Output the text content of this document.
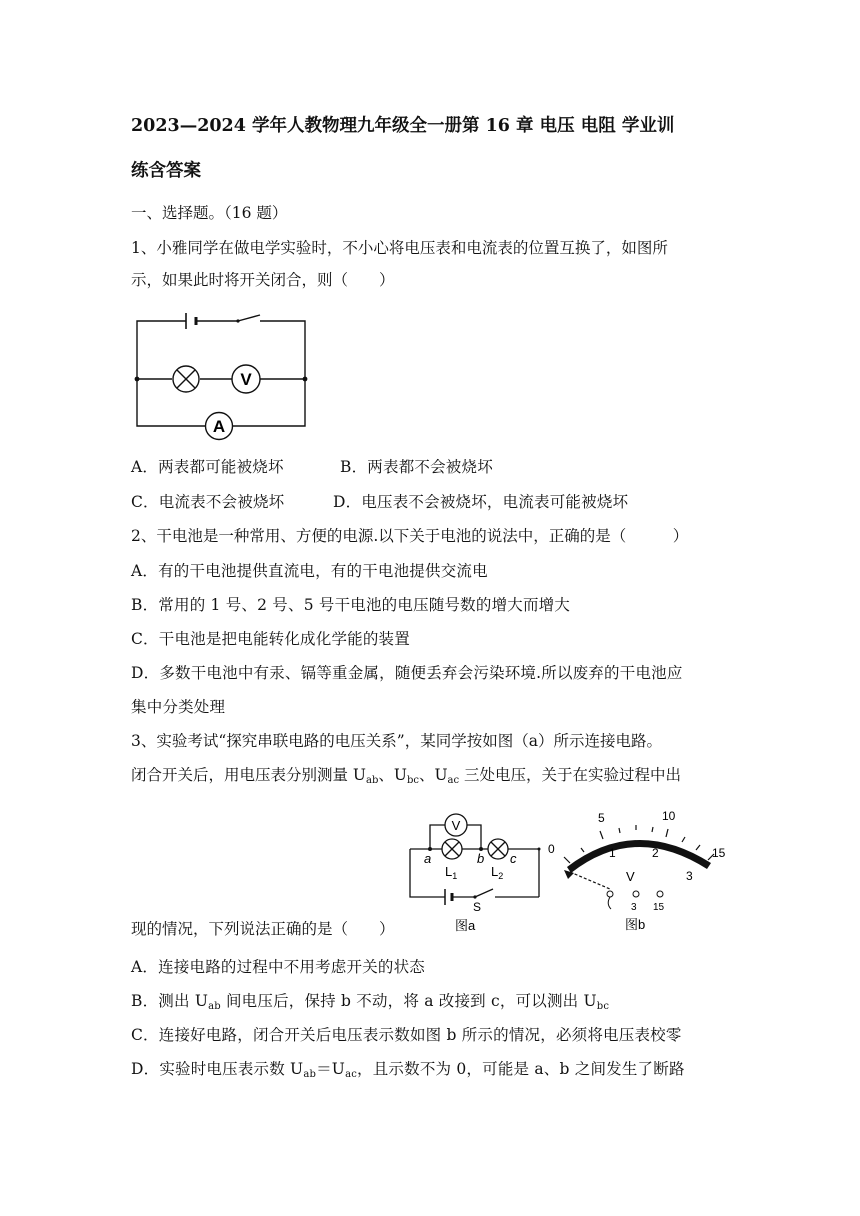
2023—2024 学年人教物理九年级全一册第 16 章 电压 电阻 学业训
练含答案
一、选择题。（16 题）
1、小雅同学在做电学实验时，不小心将电压表和电流表的位置互换了，如图所
示，如果此时将开关闭合，则（　　）
V
A
A．两表都可能被烧坏	B．两表都不会被烧坏
C．电流表不会被烧坏	D．电压表不会被烧坏，电流表可能被烧坏
2、干电池是一种常用、方便的电源.以下关于电池的说法中，正确的是（　　　）
A．有的干电池提供直流电，有的干电池提供交流电
B．常用的 1 号、2 号、5 号干电池的电压随号数的增大而增大
C．干电池是把电能转化成化学能的装置
D．多数干电池中有汞、镉等重金属，随便丢弃会污染环境.所以废弃的干电池应
集中分类处理
3、实验考试“探究串联电路的电压关系”，某同学按如图（a）所示连接电路。
闭合开关后，用电压表分别测量 $U_{ab}$、$U_{bc}$、$U_{ac}$ 三处电压，关于在实验过程中出
V
a	b c
$L_1$	$L_2$
S
图a
0
5	10
15
1	2
3
V
3 15
图b
现的情况，下列说法正确的是（　　）
A．连接电路的过程中不用考虑开关的状态
B．测出 $U_{ab}$ 间电压后，保持 b 不动，将 a 改接到 c，可以测出 $U_{bc}$
C．连接好电路，闭合开关后电压表示数如图 b 所示的情况，必须将电压表校零
D．实验时电压表示数 $U_{ab}=U_{ac}$，且示数不为 0，可能是 a、b 之间发生了断路
